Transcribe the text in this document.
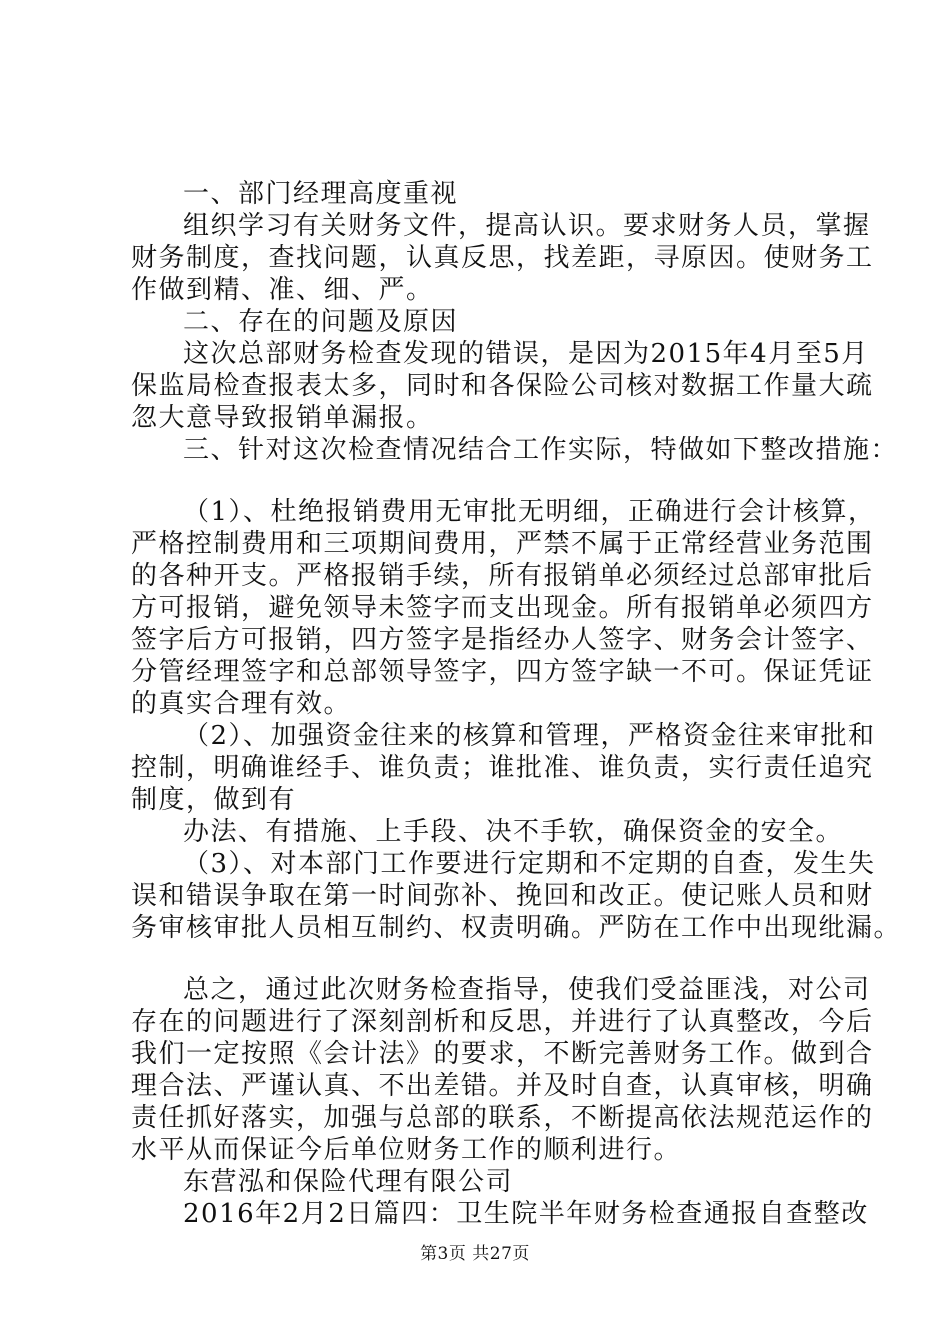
一、部门经理高度重视
组织学习有关财务文件，提高认识。要求财务人员，掌握
财务制度，查找问题，认真反思，找差距，寻原因。使财务工
作做到精、准、细、严。
二、存在的问题及原因
这次总部财务检查发现的错误，是因为2015年4月至5月
保监局检查报表太多，同时和各保险公司核对数据工作量大疏
忽大意导致报销单漏报。
三、针对这次检查情况结合工作实际，特做如下整改措施：
（1）、杜绝报销费用无审批无明细，正确进行会计核算，
严格控制费用和三项期间费用，严禁不属于正常经营业务范围
的各种开支。严格报销手续，所有报销单必须经过总部审批后
方可报销，避免领导未签字而支出现金。所有报销单必须四方
签字后方可报销，四方签字是指经办人签字、财务会计签字、
分管经理签字和总部领导签字，四方签字缺一不可。保证凭证
的真实合理有效。
（2）、加强资金往来的核算和管理，严格资金往来审批和
控制，明确谁经手、谁负责；谁批准、谁负责，实行责任追究
制度，做到有
办法、有措施、上手段、决不手软，确保资金的安全。
（3）、对本部门工作要进行定期和不定期的自查，发生失
误和错误争取在第一时间弥补、挽回和改正。使记账人员和财
务审核审批人员相互制约、权责明确。严防在工作中出现纰漏。
总之，通过此次财务检查指导，使我们受益匪浅，对公司
存在的问题进行了深刻剖析和反思，并进行了认真整改，今后
我们一定按照《会计法》的要求，不断完善财务工作。做到合
理合法、严谨认真、不出差错。并及时自查，认真审核，明确
责任抓好落实，加强与总部的联系，不断提高依法规范运作的
水平从而保证今后单位财务工作的顺利进行。
东营泓和保险代理有限公司
2016年2月2日篇四：卫生院半年财务检查通报自查整改
第3页 共27页
